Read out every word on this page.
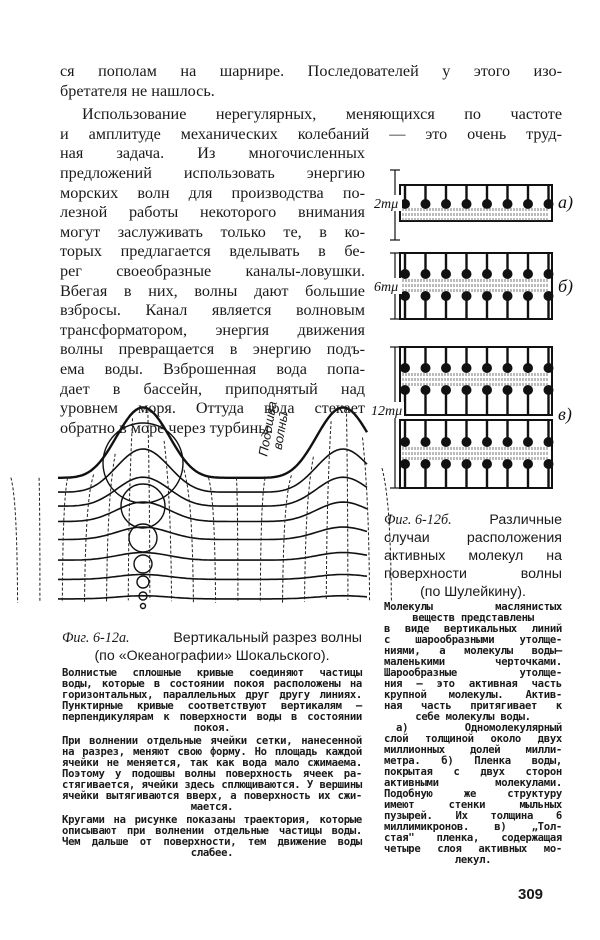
Подошва волны
2mμ
6mμ
12mμ
а)
б)
в)
Фиг. 6-12а.	Вертикальный разрез волны
Фиг. 6-12б.	Различные
309
ся пополам на шарнире. Последователей у этого изо-
бретателя не нашлось.
Использование нерегулярных, меняющихся по частоте
и амплитуде механических колебаний — это очень труд-
ная задача. Из многочисленных
предложений использовать энергию
морских волн для производства по-
лезной работы некоторого внимания
могут заслуживать только те, в ко-
торых предлагается вделывать в бе-
рег своеобразные каналы-ловушки.
Вбегая в них, волны дают большие
взбросы. Канал является волновым
трансформатором, энергия движения
волны превращается в энергию подъ-
ема воды. Взброшенная вода попа-
дает в бассейн, приподнятый над
уровнем моря. Оттуда вода стекает
обратно в море через турбины.
(по «Океанографии» Шокальского).
Волнистые сплошные кривые соединяют частицы
воды, которые в состоянии покоя расположены на
горизонтальных, параллельных друг другу линиях.
Пунктирные кривые соответствуют вертикалям —
перпендикулярам к поверхности воды в состоянии
покоя.
При волнении отдельные ячейки сетки, нанесенной
на разрез, меняют свою форму. Но площадь каждой
ячейки не меняется, так как вода мало сжимаема.
Поэтому у подошвы волны поверхность ячеек ра-
стягивается, ячейки здесь сплющиваются. У вершины
ячейки вытягиваются вверх, а поверхность их сжи-
мается.
Кругами на рисунке показаны траектория, которые
описывают при волнении отдельные частицы воды.
Чем дальше от поверхности, тем движение воды
слабее.
случаи расположения
активных молекул на
поверхности волны
(по Шулейкину).
Молекулы маслянистых
веществ представлены
в виде вертикальных линий
с шарообразными утолще-
ниями, а молекулы воды—
маленькими черточками.
Шарообразные утолще-
ния — это активная часть
крупной молекулы. Актив-
ная часть притягивает к
себе молекулы воды.
а) Одномолекулярный
слой толщиной около двух
миллионных долей милли-
метра. б) Пленка воды,
покрытая с двух сторон
активными молекулами.
Подобную же структуру
имеют стенки мыльных
пузырей. Их толщина 6
миллимикронов. в) „Тол-
стая" пленка, содержащая
четыре слоя активных мо-
лекул.
